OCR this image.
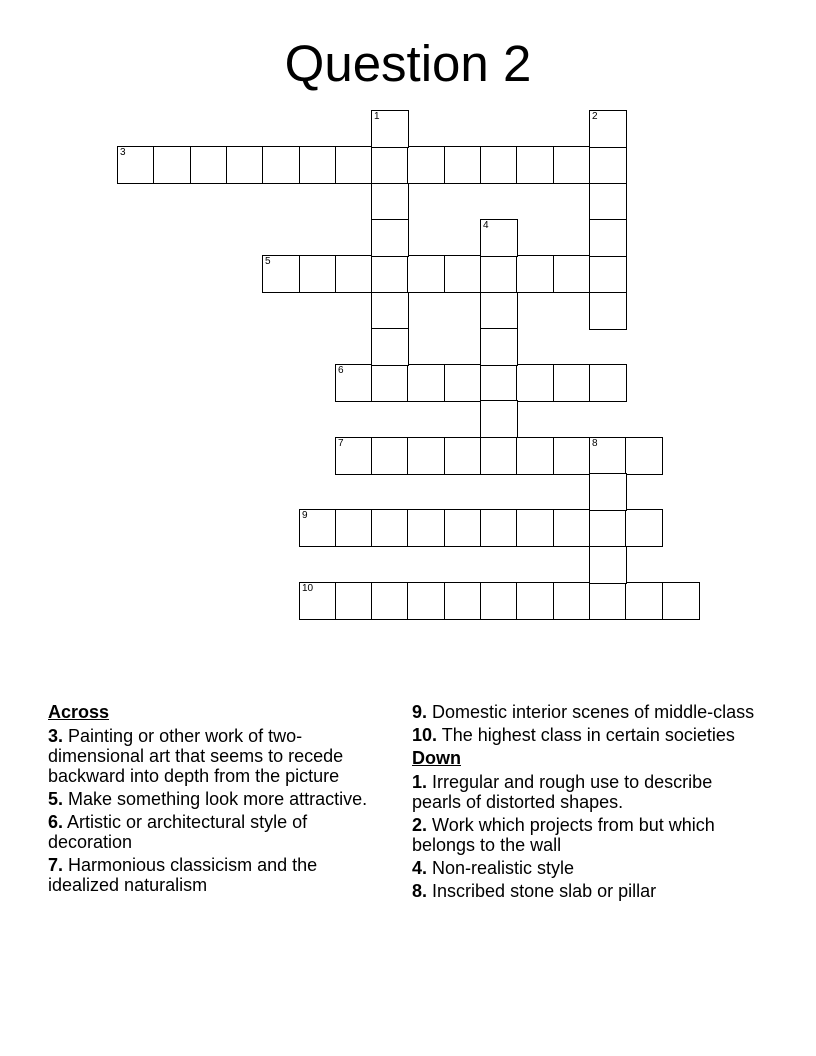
Question 2
3
5
6
7	8
9
10
1	2
4
Across
3. Painting or other work of two-dimensional art that seems to recede backward into depth from the picture
5. Make something look more attractive.
6. Artistic or architectural style of decoration
7. Harmonious classicism and the idealized naturalism
9. Domestic interior scenes of middle-class
10. The highest class in certain societies
Down
1. Irregular and rough use to describe pearls of distorted shapes.
2. Work which projects from but which belongs to the wall
4. Non-realistic style
8. Inscribed stone slab or pillar
